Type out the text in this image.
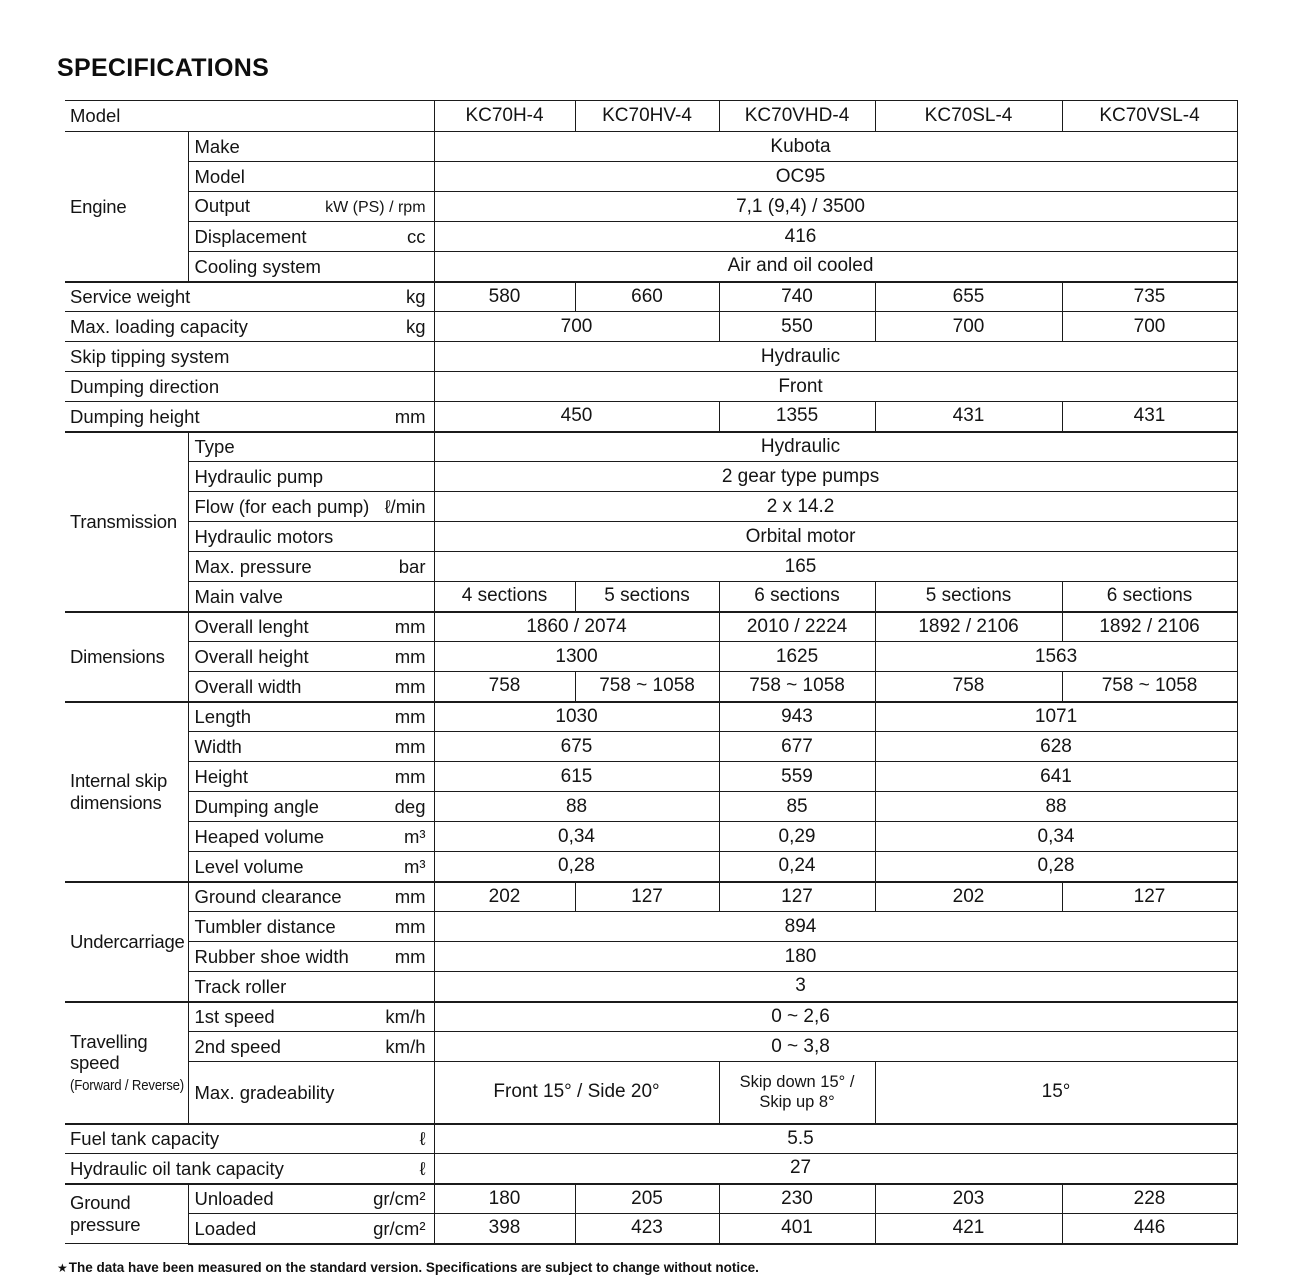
SPECIFICATIONS
Model		KC70H-4	KC70HV-4	KC70VHD-4	KC70SL-4	KC70VSL-4
Engine	Make	Kubota				

	Model	OC95				

	Output kW (PS) / rpm	7,1 (9,4) / 3500				

	Displacement cc	416				

	Cooling system	Air and oil cooled				

Service weight kg		580	660	740	655	735

Max. loading capacity kg		700		550	700	700

Skip tipping system		Hydraulic				

Dumping direction		Front				

Dumping height mm		450		1355	431	431
Transmission	Type	Hydraulic				

	Hydraulic pump	2 gear type pumps				

	Flow (for each pump) ℓ/min	2 x 14.2				

	Hydraulic motors	Orbital motor				

	Max. pressure bar	165				

	Main valve	4 sections	5 sections	6 sections	5 sections	6 sections
Dimensions	Overall lenght mm	1860 / 2074		2010 / 2224	1892 / 2106	1892 / 2106

	Overall height mm	1300		1625	1563	

	Overall width mm	758	758 ~ 1058	758 ~ 1058	758	758 ~ 1058
Internal skip dimensions	Length mm	1030		943	1071	

	Width mm	675		677	628	

	Height mm	615		559	641	

	Dumping angle deg	88		85	88	

	Heaped volume m³	0,34		0,29	0,34	

	Level volume m³	0,28		0,24	0,28	
Undercarriage	Ground clearance mm	202	127	127	202	127

	Tumbler distance mm	894				

	Rubber shoe width mm	180				

	Track roller	3				

Travelling speed
(Forward / Reverse)	
1st speed	km/h	0 ~ 2,6

	2nd speed km/h	0 ~ 3,8				

	Max. gradeability	Front 15° / Side 20°		Skip down 15° / Skip up 8°	15°	

Fuel tank capacity ℓ		5.5				

Hydraulic oil tank capacity ℓ		27				
Ground pressure	Unloaded gr/cm²	180	205	230	203	228

	Loaded gr/cm²	398	423	401	421	446
★The data have been measured on the standard version. Specifications are subject to change without notice.
